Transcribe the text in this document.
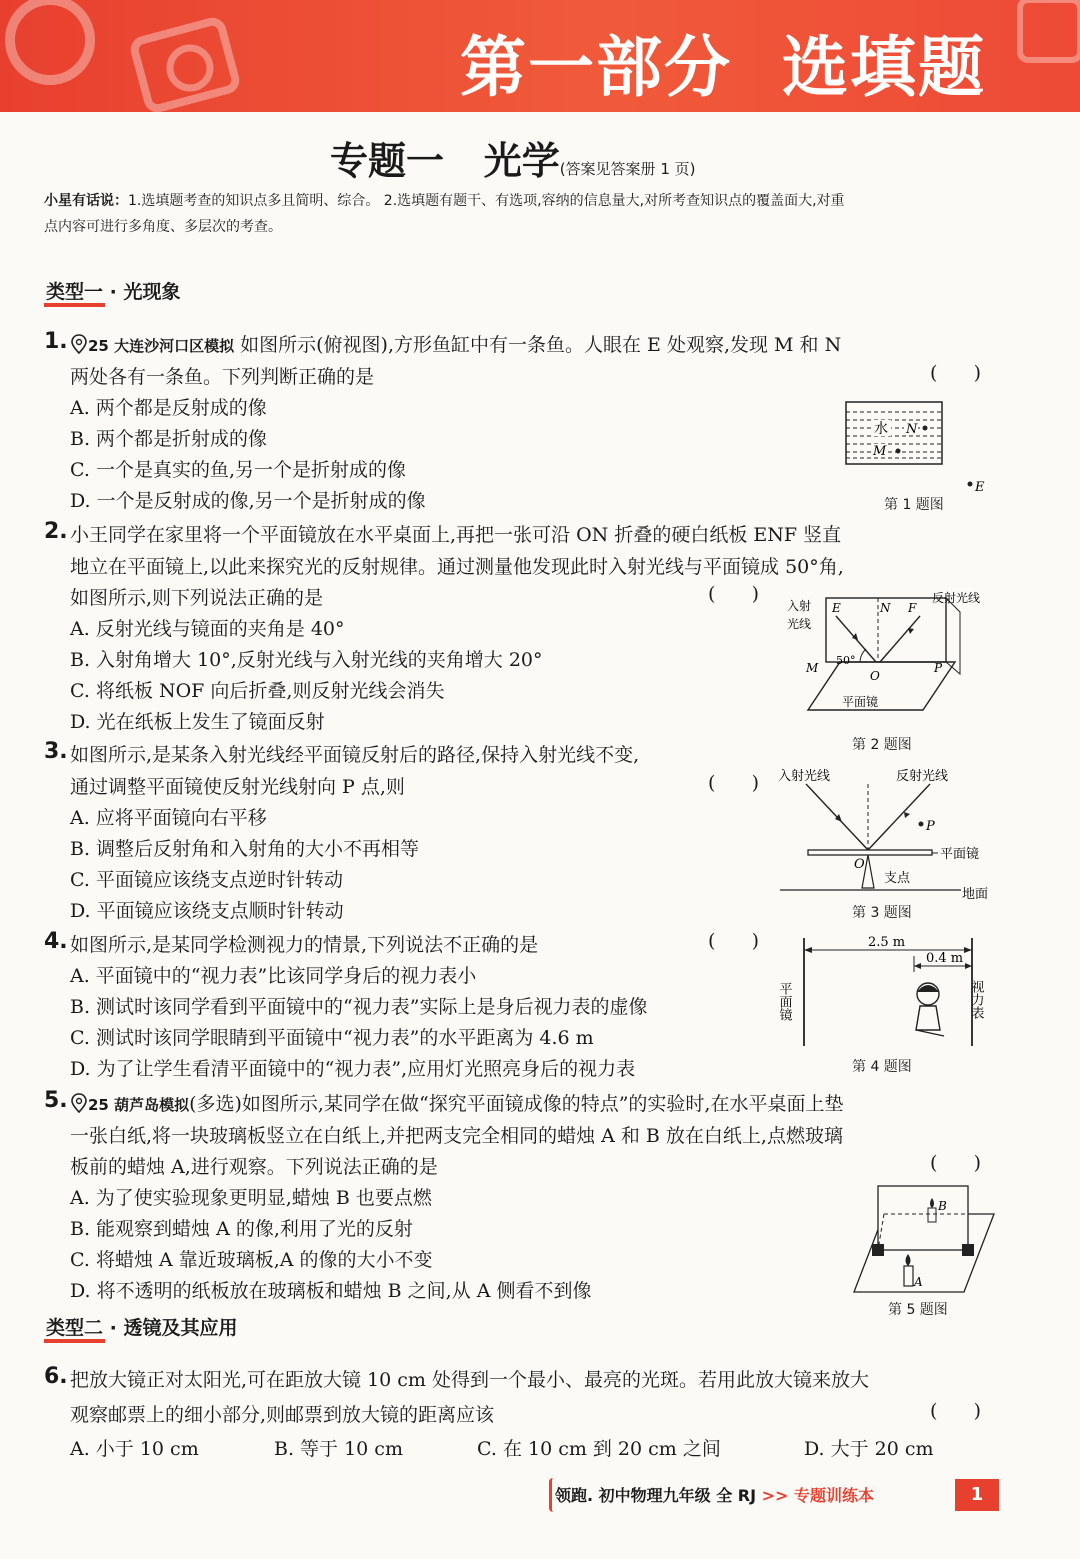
第一部分  选填题
专题一   光学(答案见答案册 1 页)
小星有话说：1.选填题考查的知识点多且简明、综合。 2.选填题有题干、有选项,容纳的信息量大,对所考查知识点的覆盖面大,对重
点内容可进行多角度、多层次的考查。
类型一 · 光现象
1.	25 大连沙河口区模拟 如图所示(俯视图),方形鱼缸中有一条鱼。人眼在 E 处观察,发现 M 和 N
两处各有一条鱼。下列判断正确的是	(      )
A. 两个都是反射成的像
B. 两个都是折射成的像
C. 一个是真实的鱼,另一个是折射成的像
D. 一个是反射成的像,另一个是折射成的像
水 N
M
E
第 1 题图
2. 小王同学在家里将一个平面镜放在水平桌面上,再把一张可沿 ON 折叠的硬白纸板 ENF 竖直
地立在平面镜上,以此来探究光的反射规律。通过测量他发现此时入射光线与平面镜成 50°角,
如图所示,则下列说法正确的是	(      )
A. 反射光线与镜面的夹角是 40°
B. 入射角增大 10°,反射光线与入射光线的夹角增大 20°
C. 将纸板 NOF 向后折叠,则反射光线会消失
D. 光在纸板上发生了镜面反射
入射
光线
反射光线
E	N F
50°
M
O
P
平面镜
第 2 题图
3. 如图所示,是某条入射光线经平面镜反射后的路径,保持入射光线不变,
通过调整平面镜使反射光线射向 P 点,则	(      )
A. 应将平面镜向右平移
B. 调整后反射角和入射角的大小不再相等
C. 平面镜应该绕支点逆时针转动
D. 平面镜应该绕支点顺时针转动
P
入射光线	反射光线
平面镜
O
支点
地面
第 3 题图
4. 如图所示,是某同学检测视力的情景,下列说法不正确的是	(      )
A. 平面镜中的“视力表”比该同学身后的视力表小
B. 测试时该同学看到平面镜中的“视力表”实际上是身后视力表的虚像
C. 测试时该同学眼睛到平面镜中“视力表”的水平距离为 4.6 m
D. 为了让学生看清平面镜中的“视力表”,应用灯光照亮身后的视力表
2.5 m
0.4 m
平面镜	视力表
第 4 题图
5.	25 葫芦岛模拟(多选)如图所示,某同学在做“探究平面镜成像的特点”的实验时,在水平桌面上垫
一张白纸,将一块玻璃板竖立在白纸上,并把两支完全相同的蜡烛 A 和 B 放在白纸上,点燃玻璃
板前的蜡烛 A,进行观察。下列说法正确的是	(      )
A. 为了使实验现象更明显,蜡烛 B 也要点燃
B. 能观察到蜡烛 A 的像,利用了光的反射
C. 将蜡烛 A 靠近玻璃板,A 的像的大小不变
D. 将不透明的纸板放在玻璃板和蜡烛 B 之间,从 A 侧看不到像
B
A
第 5 题图
类型二 · 透镜及其应用
6. 把放大镜正对太阳光,可在距放大镜 10 cm 处得到一个最小、最亮的光斑。若用此放大镜来放大
观察邮票上的细小部分,则邮票到放大镜的距离应该	(      )
A. 小于 10 cm	B. 等于 10 cm	C. 在 10 cm 到 20 cm 之间	D. 大于 20 cm
领跑. 初中物理九年级 全 RJ >> 专题训练本	1
